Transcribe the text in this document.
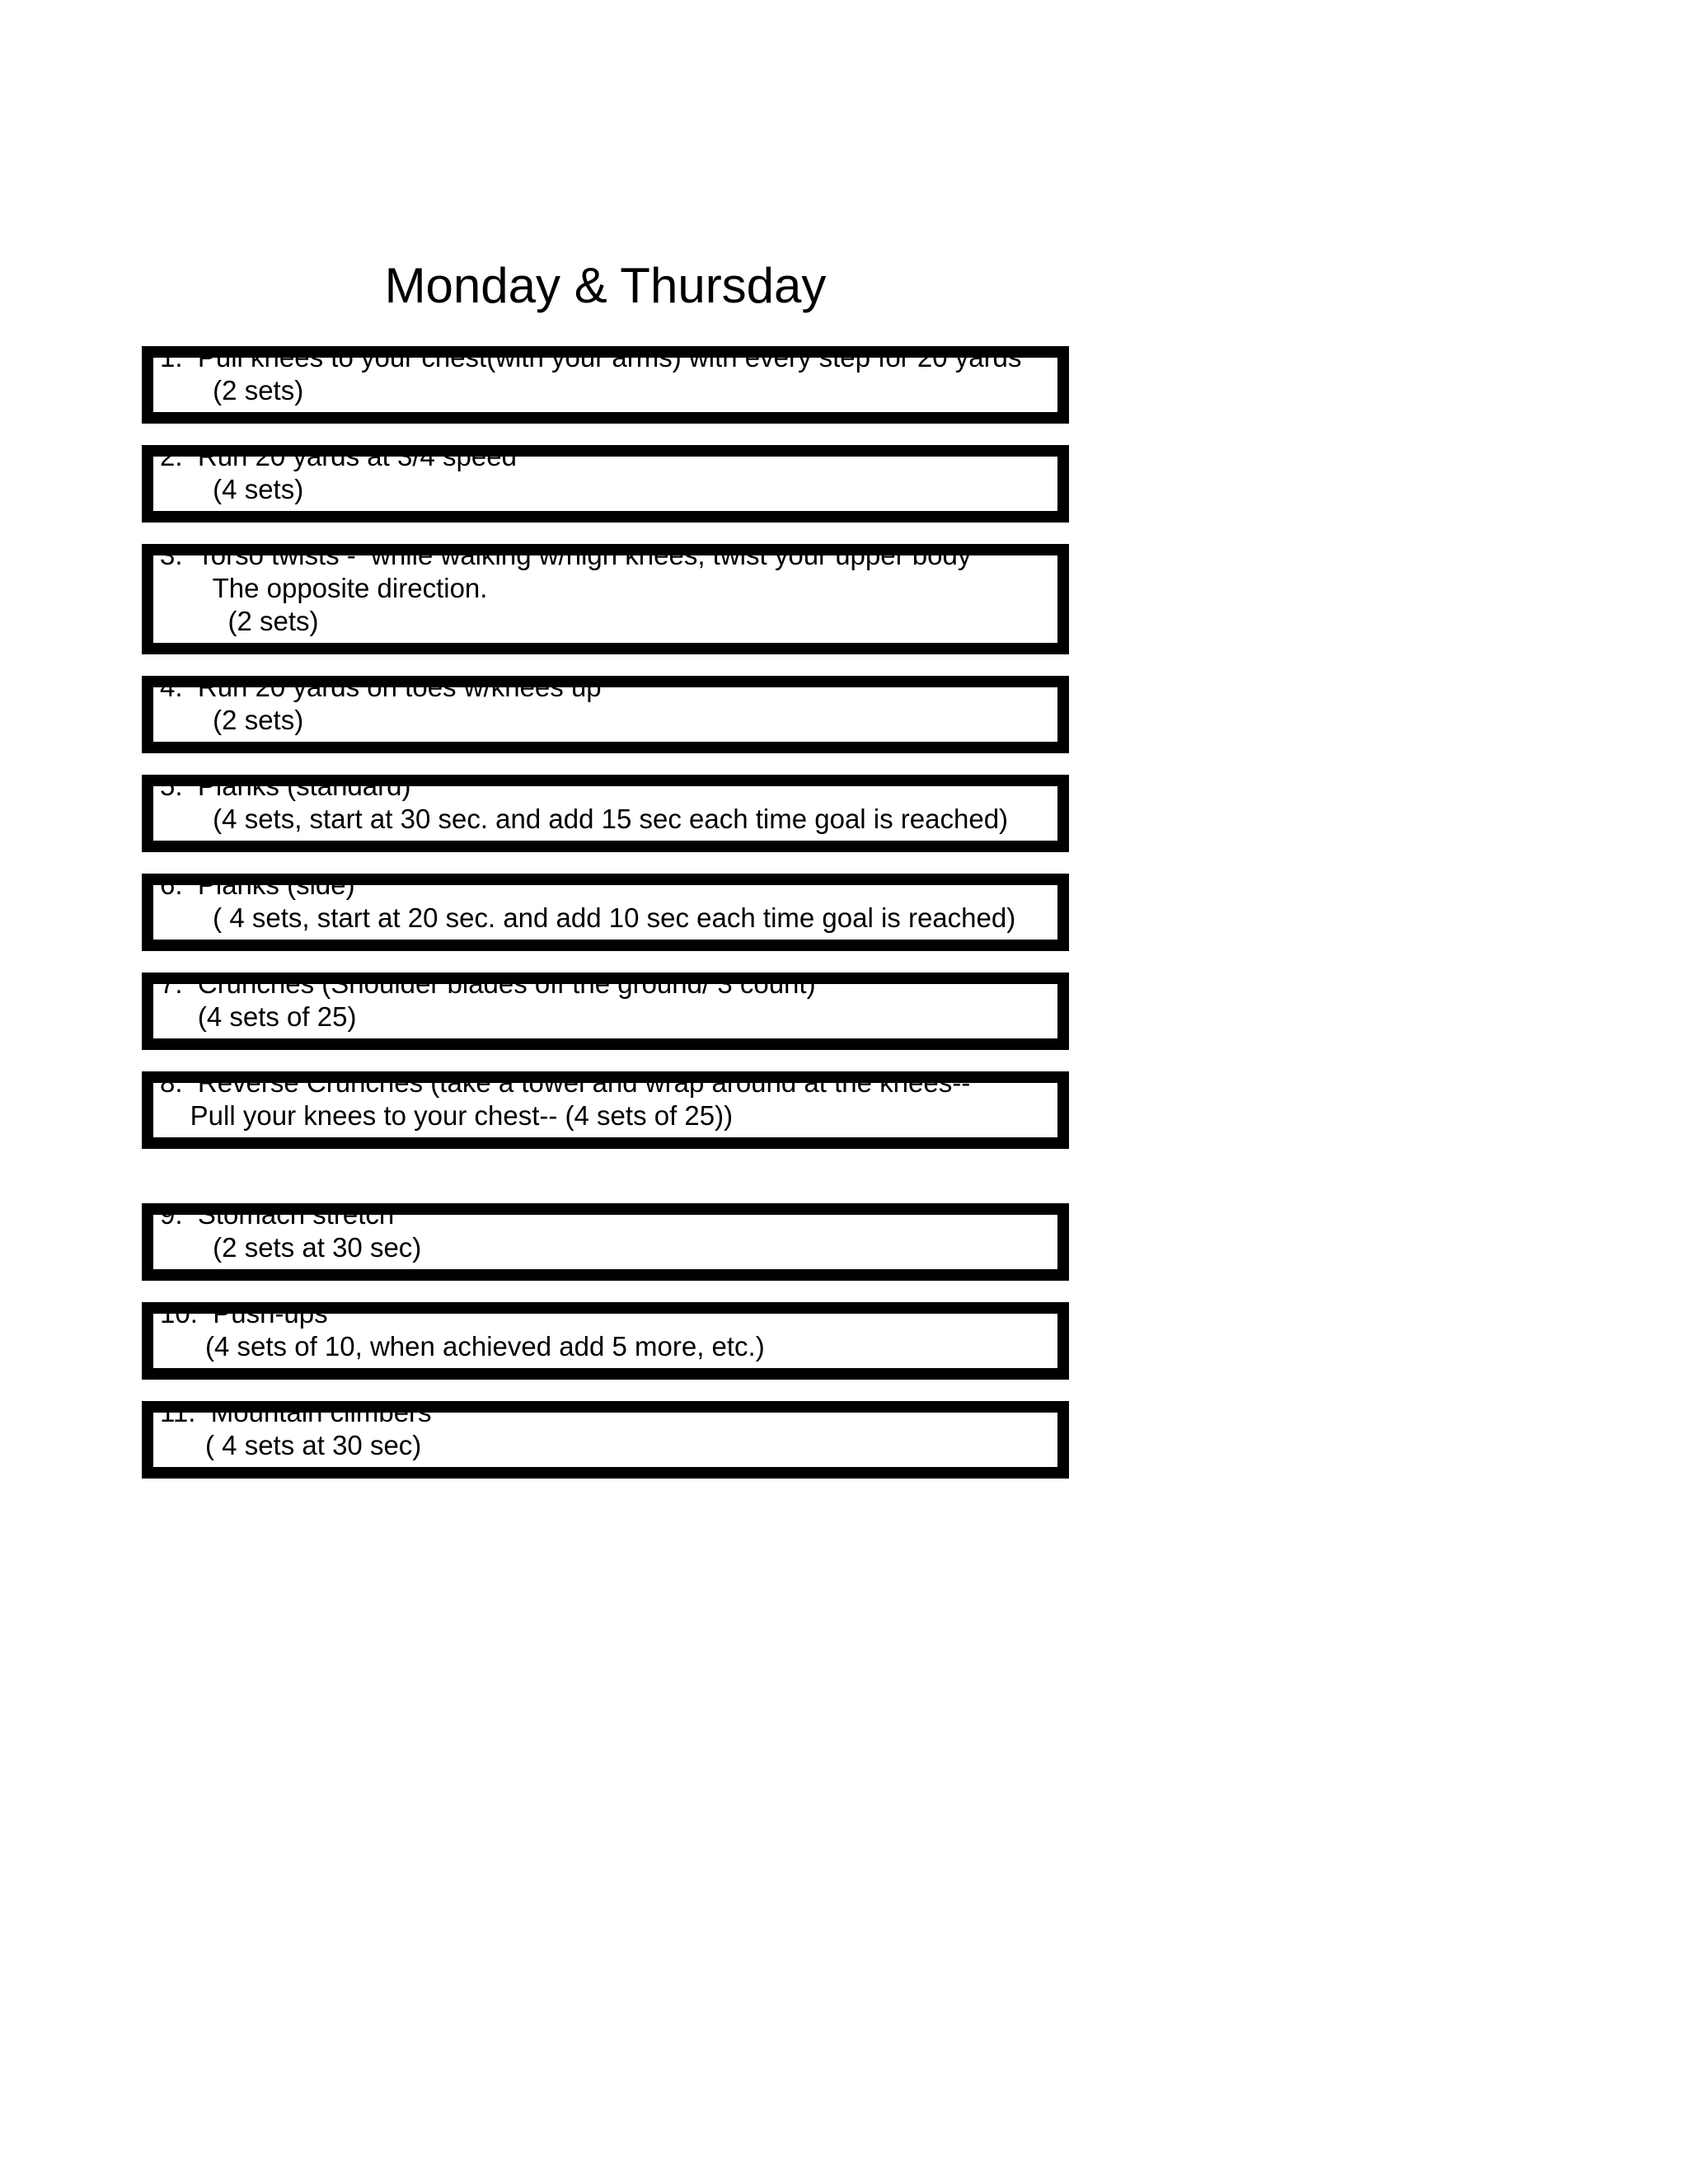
Monday & Thursday
1.  Pull knees to your chest(with your arms) with every step for 20 yards
(2 sets)
2.  Run 20 yards at 3/4 speed
(4 sets)
3.  Torso twists -  while walking w/high knees, twist your upper body
The opposite direction.
(2 sets)
4.  Run 20 yards on toes w/knees up
(2 sets)
5.  Planks (standard)
(4 sets, start at 30 sec. and add 15 sec each time goal is reached)
6.  Planks (side)
( 4 sets, start at 20 sec. and add 10 sec each time goal is reached)
7.  Crunches (Shoulder blades off the ground/ 3 count)
(4 sets of 25)
8.  Reverse Crunches (take a towel and wrap around at the knees--
Pull your knees to your chest-- (4 sets of 25))
9.  Stomach stretch
(2 sets at 30 sec)
10.  Push-ups
(4 sets of 10, when achieved add 5 more, etc.)
11.  Mountain climbers
( 4 sets at 30 sec)
